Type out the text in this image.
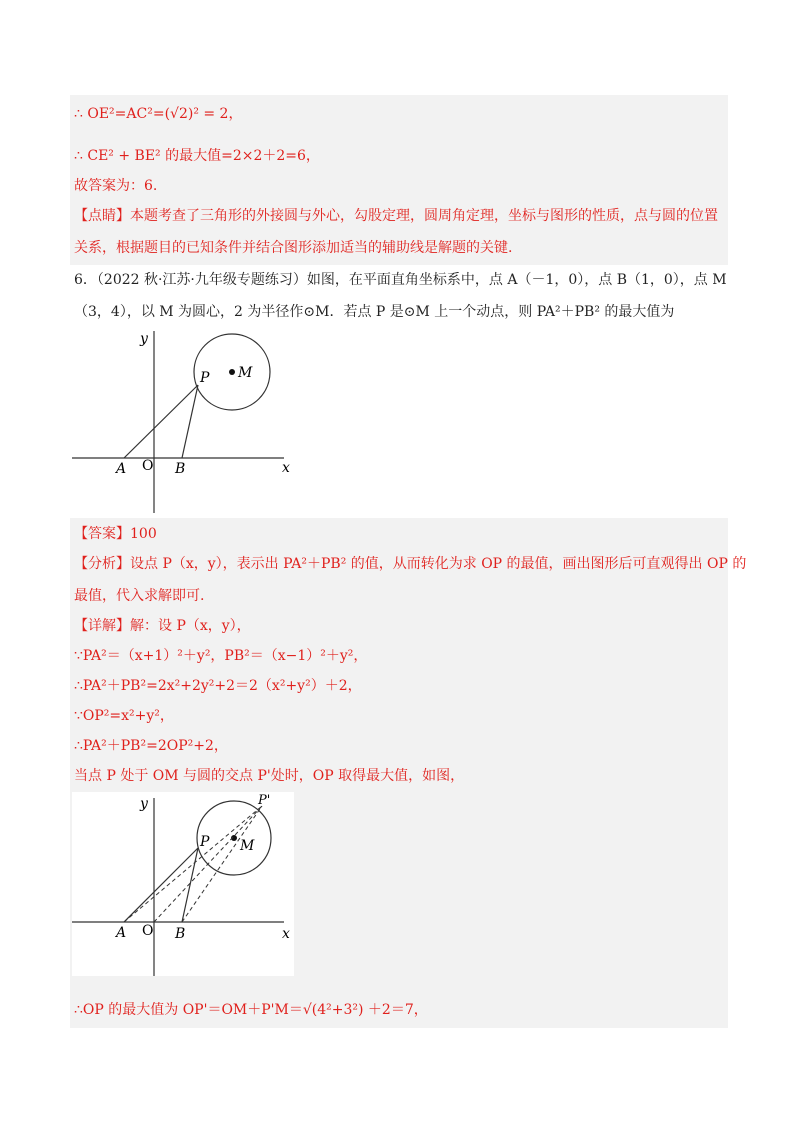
∴ OE²=AC²=(√2)² = 2，
∴ CE² + BE² 的最大值=2×2＋2=6，
故答案为：6.
【点睛】本题考查了三角形的外接圆与外心，勾股定理，圆周角定理，坐标与图形的性质，点与圆的位置
关系，根据题目的已知条件并结合图形添加适当的辅助线是解题的关键.
6．（2022 秋·江苏·九年级专题练习）如图，在平面直角坐标系中，点 A（－1，0），点 B（1，0），点 M
（3，4），以 M 为圆心，2 为半径作⊙M．若点 P 是⊙M 上一个动点，则 PA²＋PB² 的最大值为
y
x
A O B
P M
【答案】100
【分析】设点 P（x，y），表示出 PA²＋PB² 的值，从而转化为求 OP 的最值，画出图形后可直观得出 OP 的
最值，代入求解即可.
【详解】解：设 P（x，y），
∵PA²＝（x+1）²＋y²，PB²＝（x−1）²＋y²，
∴PA²＋PB²=2x²+2y²+2＝2（x²+y²）＋2，
∵OP²=x²+y²，
∴PA²＋PB²=2OP²+2，
当点 P 处于 OM 与圆的交点 P'处时，OP 取得最大值，如图，
y
x
A O B
P M
P'
∴OP 的最大值为 OP'＝OM＋P'M＝√(4²+3²) ＋2＝7，
